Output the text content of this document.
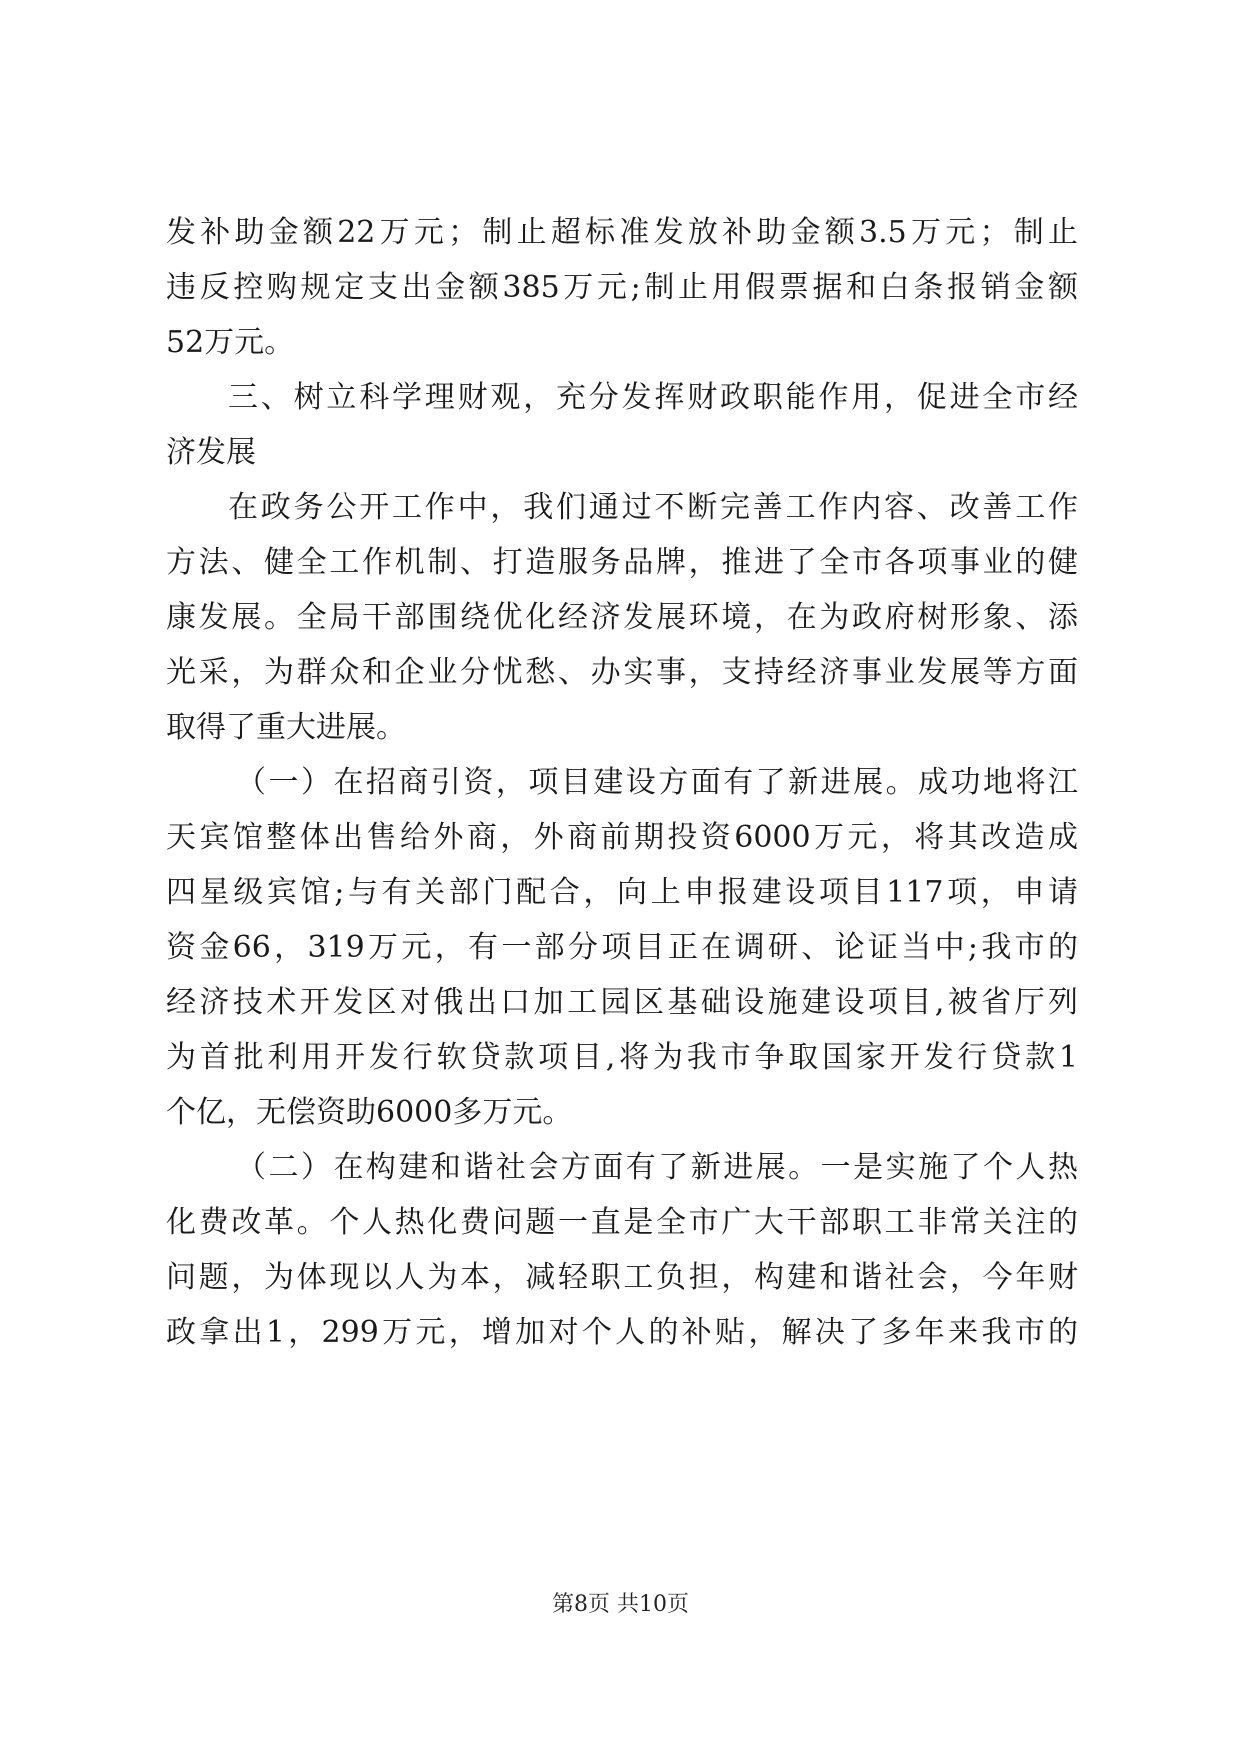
发补助金额22万元；制止超标准发放补助金额3.5万元；制止
违反控购规定支出金额385万元;制止用假票据和白条报销金额
52万元。
三、树立科学理财观，充分发挥财政职能作用，促进全市经
济发展
在政务公开工作中，我们通过不断完善工作内容、改善工作
方法、健全工作机制、打造服务品牌，推进了全市各项事业的健
康发展。全局干部围绕优化经济发展环境，在为政府树形象、添
光采，为群众和企业分忧愁、办实事，支持经济事业发展等方面
取得了重大进展。
（一）在招商引资，项目建设方面有了新进展。成功地将江
天宾馆整体出售给外商，外商前期投资6000万元，将其改造成
四星级宾馆;与有关部门配合，向上申报建设项目117项，申请
资金66，319万元，有一部分项目正在调研、论证当中;我市的
经济技术开发区对俄出口加工园区基础设施建设项目,被省厅列
为首批利用开发行软贷款项目,将为我市争取国家开发行贷款1
个亿，无偿资助6000多万元。
（二）在构建和谐社会方面有了新进展。一是实施了个人热
化费改革。个人热化费问题一直是全市广大干部职工非常关注的
问题，为体现以人为本，减轻职工负担，构建和谐社会，今年财
政拿出1，299万元，增加对个人的补贴，解决了多年来我市的
第8页 共10页
